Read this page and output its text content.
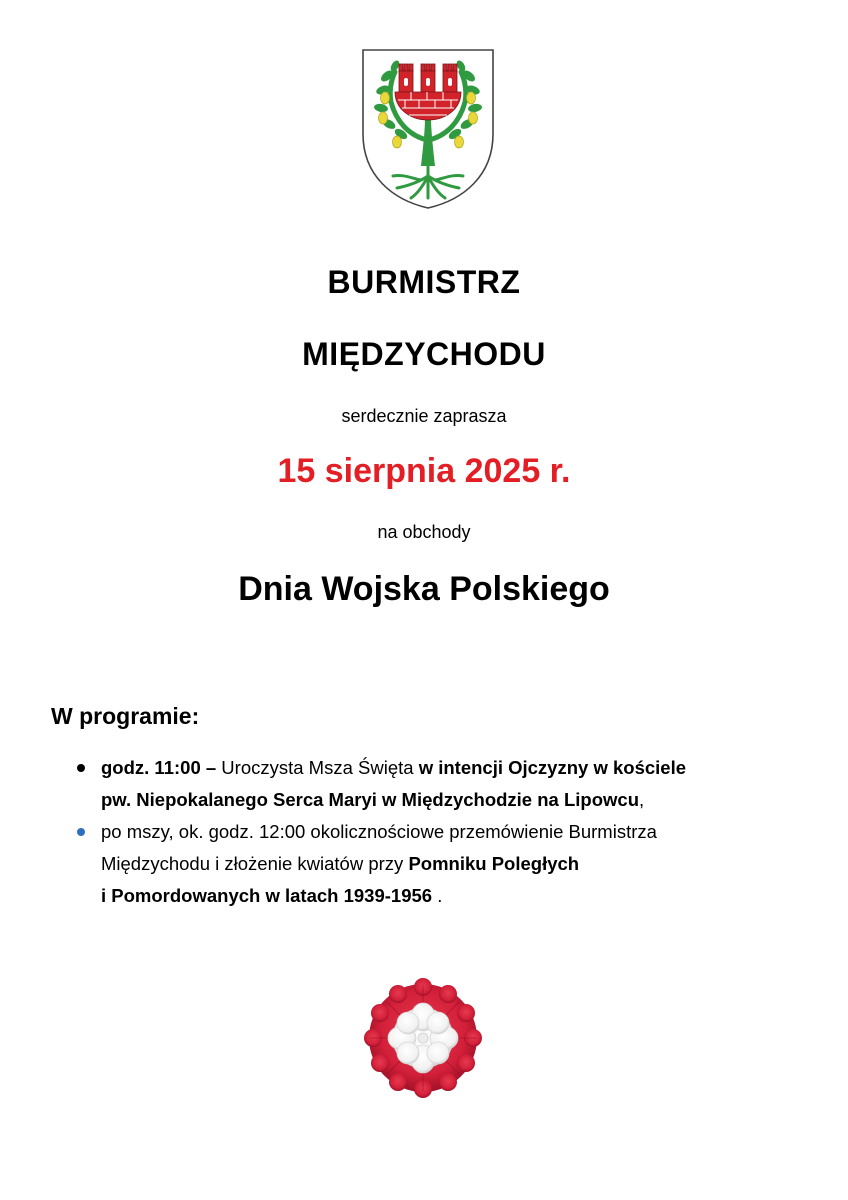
BURMISTRZ

MIĘDZYCHODU

serdecznie zaprasza

15 sierpnia 2025 r.

na obchody

Dnia Wojska Polskiego

W programie:

godz. 11:00 – Uroczysta Msza Święta w intencji Ojczyzny w kościele
pw. Niepokalanego Serca Maryi w Międzychodzie na Lipowcu,
po mszy, ok. godz. 12:00 okolicznościowe przemówienie Burmistrza
Międzychodu i złożenie kwiatów przy Pomniku Poległych
i Pomordowanych w latach 1939-1956 .
